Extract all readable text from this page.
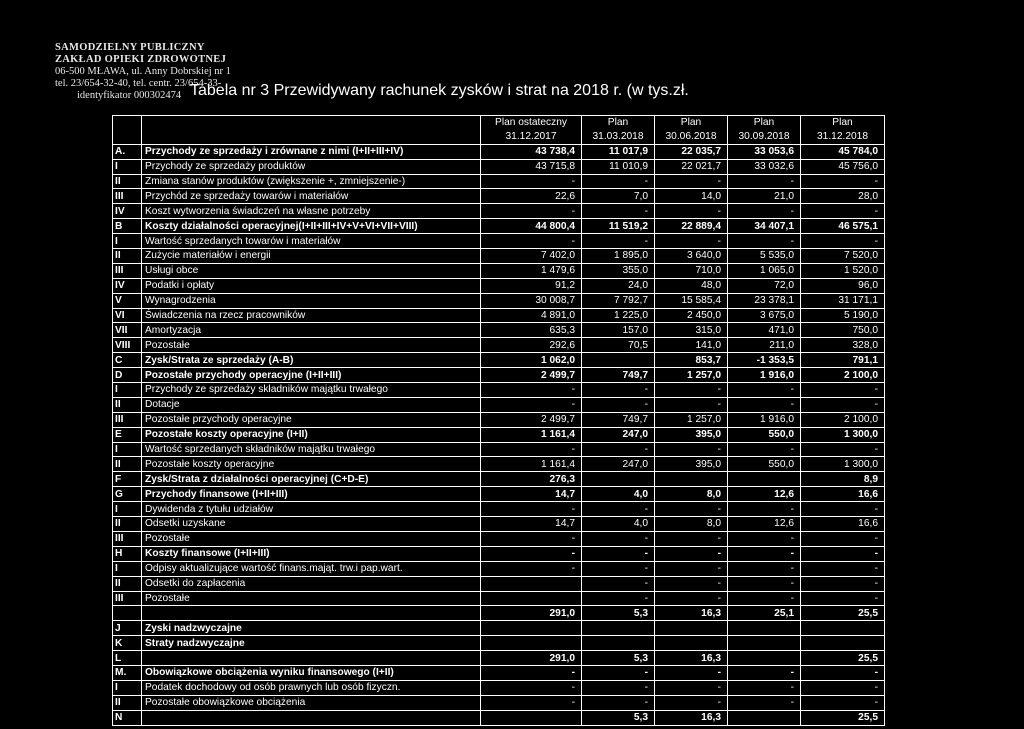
SAMODZIELNY PUBLICZNY
ZAKŁAD OPIEKI ZDROWOTNEJ
06-500 MŁAWA, ul. Anny Dobrskiej nr 1
tel. 23/654-32-40, tel. centr. 23/654-33-
identyfikator 000302474 Tabela nr 3 Przewidywany rachunek zysków i strat na 2018 r. (w tys.zł.
		Plan ostateczny	Plan	Plan	Plan	Plan
		31.12.2017	31.03.2018	30.06.2018	30.09.2018	31.12.2018
A.	Przychody ze sprzedaży i zrównane z nimi (I+II+III+IV)	43 738,4	11 017,9	22 035,7	33 053,6	45 784,0
I	Przychody ze sprzedaży produktów	43 715,8	11 010,9	22 021,7	33 032,6	45 756,0
II	Zmiana stanów produktów (zwiększenie +, zmniejszenie-)	-	-	-	-	-
III	Przychód ze sprzedaży towarów i materiałów	22,6	7,0	14,0	21,0	28,0
IV	Koszt wytworzenia świadczeń na własne potrzeby	-	-	-	-	-
B	Koszty działalności operacyjnej(I+II+III+IV+V+VI+VII+VIII)	44 800,4	11 519,2	22 889,4	34 407,1	46 575,1
I	Wartość sprzedanych towarów i materiałów	-	-	-	-	-
II	Zużycie materiałów i energii	7 402,0	1 895,0	3 640,0	5 535,0	7 520,0
III	Usługi obce	1 479,6	355,0	710,0	1 065,0	1 520,0
IV	Podatki i opłaty	91,2	24,0	48,0	72,0	96,0
V	Wynagrodzenia	30 008,7	7 792,7	15 585,4	23 378,1	31 171,1
VI	Świadczenia na rzecz pracowników	4 891,0	1 225,0	2 450,0	3 675,0	5 190,0
VII	Amortyzacja	635,3	157,0	315,0	471,0	750,0
VIII	Pozostałe	292,6	70,5	141,0	211,0	328,0
C	Zysk/Strata ze sprzedaży (A-B)	1 062,0		853,7	-1 353,5	791,1
D	Pozostałe przychody operacyjne (I+II+III)	2 499,7	749,7	1 257,0	1 916,0	2 100,0
I	Przychody ze sprzedaży składników majątku trwałego	-	-	-	-	-
II	Dotacje	-	-	-	-	-
III	Pozostałe przychody operacyjne	2 499,7	749,7	1 257,0	1 916,0	2 100,0
E	Pozostałe koszty operacyjne (I+II)	1 161,4	247,0	395,0	550,0	1 300,0
I	Wartość sprzedanych składników majątku trwałego	-	-	-	-	-
II	Pozostałe koszty operacyjne	1 161,4	247,0	395,0	550,0	1 300,0
F	Zysk/Strata z działalności operacyjnej (C+D-E)	276,3				8,9
G	Przychody finansowe (I+II+III)	14,7	4,0	8,0	12,6	16,6
I	Dywidenda z tytułu udziałów	-	-	-	-	-
II	Odsetki uzyskane	14,7	4,0	8,0	12,6	16,6
III	Pozostałe	-	-	-	-	-
H	Koszty finansowe (I+II+III)	-	-	-	-	-
I	Odpisy aktualizujące wartość finans.mająt. trw.i pap.wart.	-	-	-	-	-
II	Odsetki do zapłacenia		-	-	-	-
III	Pozostałe		-	-	-	-
		291,0	5,3	16,3	25,1	25,5
J	Zyski nadzwyczajne					
K	Straty nadzwyczajne					
L		291,0	5,3	16,3		25,5
M.	Obowiązkowe obciążenia wyniku finansowego (I+II)	-	-	-	-	-
I	Podatek dochodowy od osób prawnych lub osób fizyczn.	-	-	-	-	-
II	Pozostałe obowiązkowe obciążenia	-	-	-	-	-
N			5,3	16,3		25,5
